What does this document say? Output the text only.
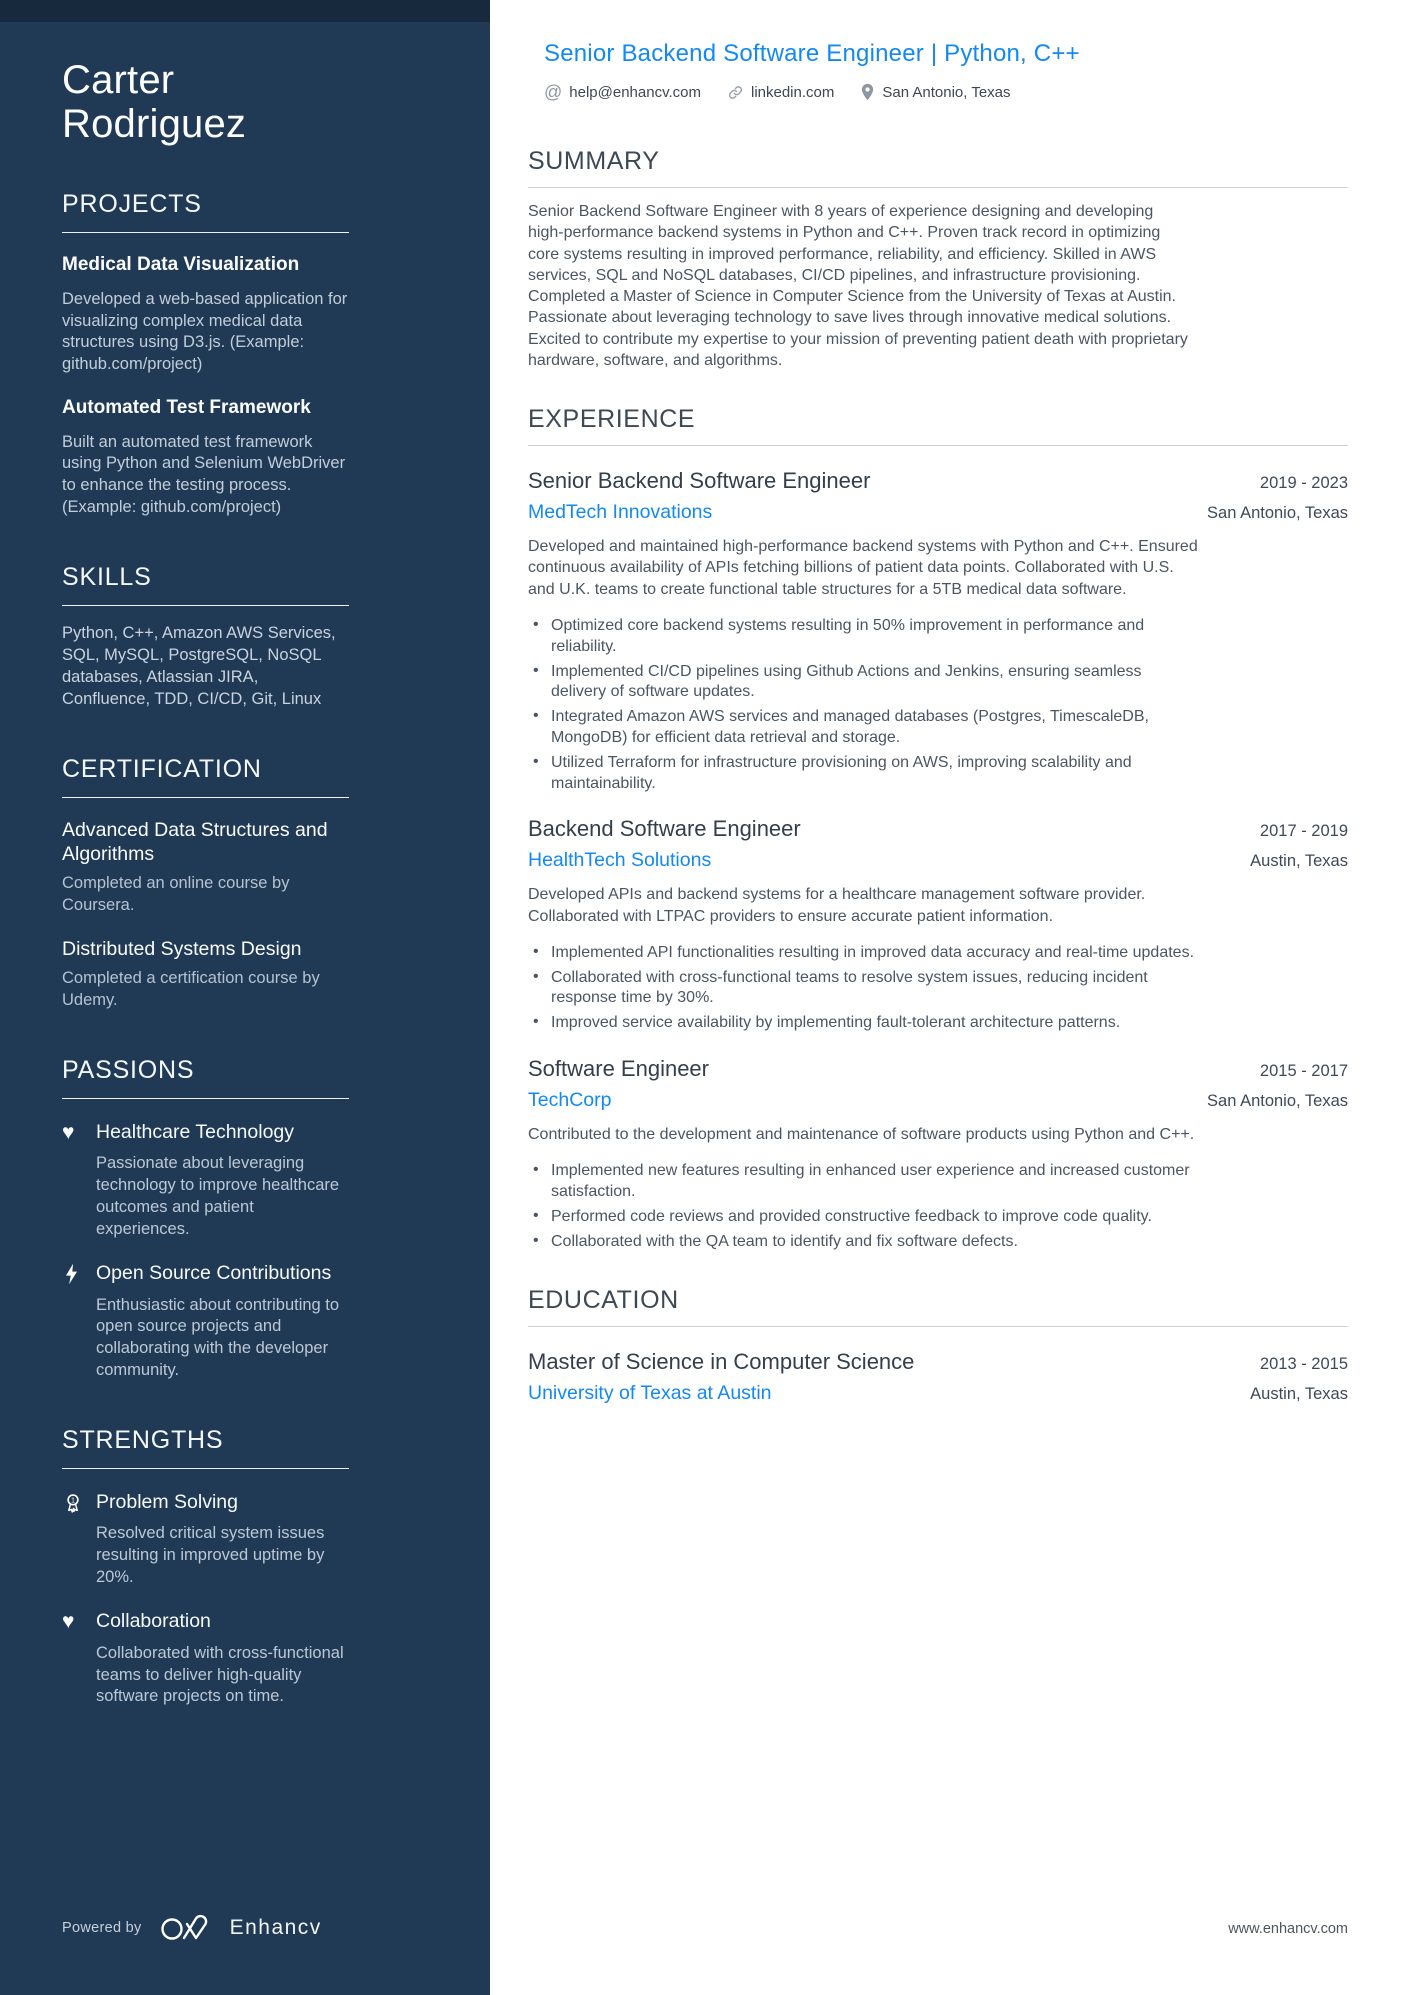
Carter Rodriguez
PROJECTS
Medical Data Visualization
Developed a web-based application for visualizing complex medical data structures using D3.js. (Example: github.com/project)
Automated Test Framework
Built an automated test framework using Python and Selenium WebDriver to enhance the testing process. (Example: github.com/project)
SKILLS
Python, C++, Amazon AWS Services, SQL, MySQL, PostgreSQL, NoSQL databases, Atlassian JIRA, Confluence, TDD, CI/CD, Git, Linux
CERTIFICATION
Advanced Data Structures and Algorithms
Completed an online course by Coursera.
Distributed Systems Design
Completed a certification course by Udemy.
PASSIONS
♥	Healthcare Technology
Passionate about leveraging technology to improve healthcare outcomes and patient experiences.
Open Source Contributions
Enthusiastic about contributing to open source projects and collaborating with the developer community.
STRENGTHS
1 Problem Solving
Resolved critical system issues resulting in improved uptime by 20%.
♥	Collaboration
Collaborated with cross-functional teams to deliver high-quality software projects on time.
Senior Backend Software Engineer | Python, C++
@ help@enhancv.com	linkedin.com	San Antonio, Texas
SUMMARY

Senior Backend Software Engineer with 8 years of experience designing and developing high-performance backend systems in Python and C++. Proven track record in optimizing core systems resulting in improved performance, reliability, and efficiency. Skilled in AWS services, SQL and NoSQL databases, CI/CD pipelines, and infrastructure provisioning. Completed a Master of Science in Computer Science from the University of Texas at Austin. Passionate about leveraging technology to save lives through innovative medical solutions. Excited to contribute my expertise to your mission of preventing patient death with proprietary hardware, software, and algorithms.

EXPERIENCE
Senior Backend Software Engineer	2019 - 2023
MedTech Innovations	San Antonio, Texas

Developed and maintained high-performance backend systems with Python and C++. Ensured continuous availability of APIs fetching billions of patient data points. Collaborated with U.S. and U.K. teams to create functional table structures for a 5TB medical data software.

• Optimized core backend systems resulting in 50% improvement in performance and reliability.
• Implemented CI/CD pipelines using Github Actions and Jenkins, ensuring seamless delivery of software updates.
• Integrated Amazon AWS services and managed databases (Postgres, TimescaleDB, MongoDB) for efficient data retrieval and storage.
• Utilized Terraform for infrastructure provisioning on AWS, improving scalability and maintainability.
Backend Software Engineer	2017 - 2019
HealthTech Solutions	Austin, Texas

Developed APIs and backend systems for a healthcare management software provider. Collaborated with LTPAC providers to ensure accurate patient information.

• Implemented API functionalities resulting in improved data accuracy and real-time updates.
• Collaborated with cross-functional teams to resolve system issues, reducing incident response time by 30%.
• Improved service availability by implementing fault-tolerant architecture patterns.
Software Engineer	2015 - 2017
TechCorp	San Antonio, Texas

Contributed to the development and maintenance of software products using Python and C++.

• Implemented new features resulting in enhanced user experience and increased customer satisfaction.
• Performed code reviews and provided constructive feedback to improve code quality.
• Collaborated with the QA team to identify and fix software defects.
EDUCATION
Master of Science in Computer Science	2013 - 2015
University of Texas at Austin	Austin, Texas
Powered by	Enhancv	www.enhancv.com
